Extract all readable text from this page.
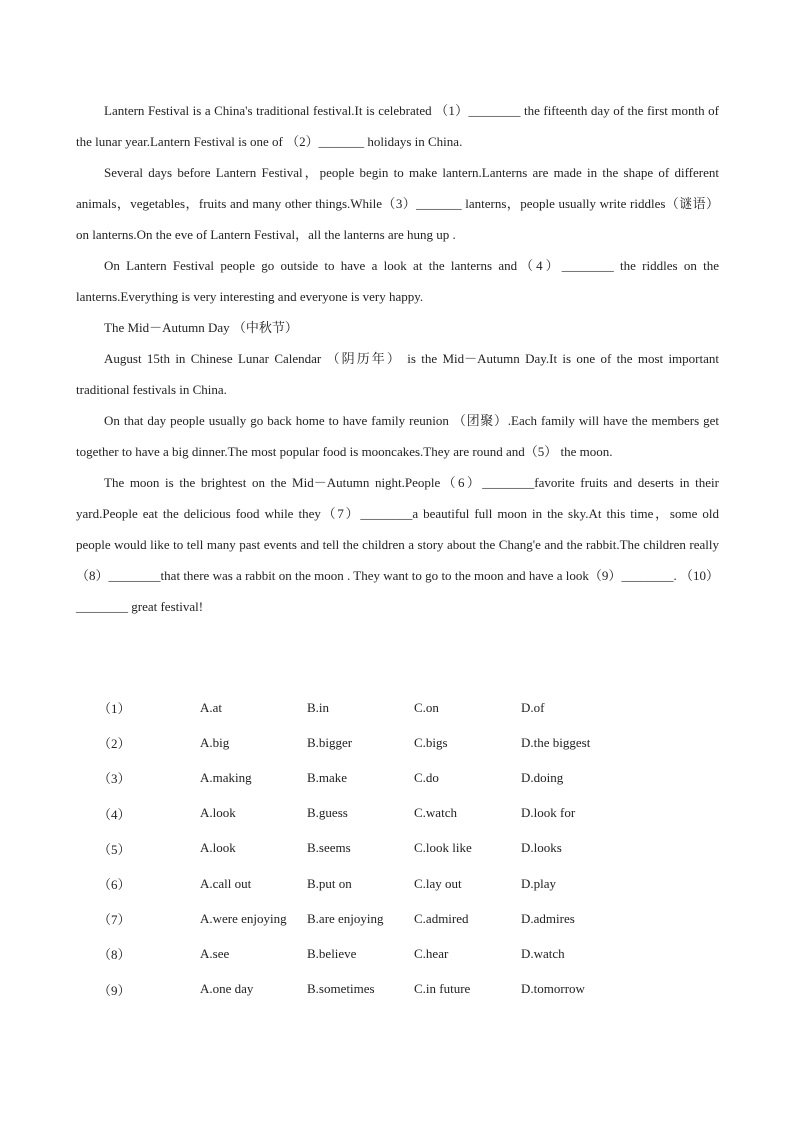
Lantern Festival is a China's traditional festival.It is celebrated （1）________ the fifteenth day of the first month of the lunar year.Lantern Festival is one of （2）_______ holidays in China.

Several days before Lantern Festival，people begin to make lantern.Lanterns are made in the shape of different animals，vegetables，fruits and many other things.While（3）_______ lanterns，people usually write riddles（谜语） on lanterns.On the eve of Lantern Festival，all the lanterns are hung up .

On Lantern Festival people go outside to have a look at the lanterns and（4）________ the riddles on the lanterns.Everything is very interesting and everyone is very happy.

The Mid－Autumn Day （中秋节）

August 15th in Chinese Lunar Calendar （阴历年） is the Mid－Autumn Day.It is one of the most important traditional festivals in China.

On that day people usually go back home to have family reunion （团聚）.Each family will have the members get together to have a big dinner.The most popular food is mooncakes.They are round and（5） the moon.

The moon is the brightest on the Mid－Autumn night.People（6）________favorite fruits and deserts in their yard.People eat the delicious food while they（7）________a beautiful full moon in the sky.At this time，some old people would like to tell many past events and tell the children a story about the Chang'e and the rabbit.The children really（8）________that there was a rabbit on the moon . They want to go to the moon and have a look（9）________. （10）________ great festival!

（1）	A.at	B.in	C.on	D.of
（2）	A.big	B.bigger	C.bigs	D.the biggest
（3）	A.making	B.make	C.do	D.doing
（4）	A.look	B.guess	C.watch	D.look for
（5）	A.look	B.seems	C.look like	D.looks
（6）	A.call out	B.put on	C.lay out	D.play
（7）	A.were enjoying	B.are enjoying	C.admired	D.admires
（8）	A.see	B.believe	C.hear	D.watch
（9）	A.one day	B.sometimes	C.in future	D.tomorrow
